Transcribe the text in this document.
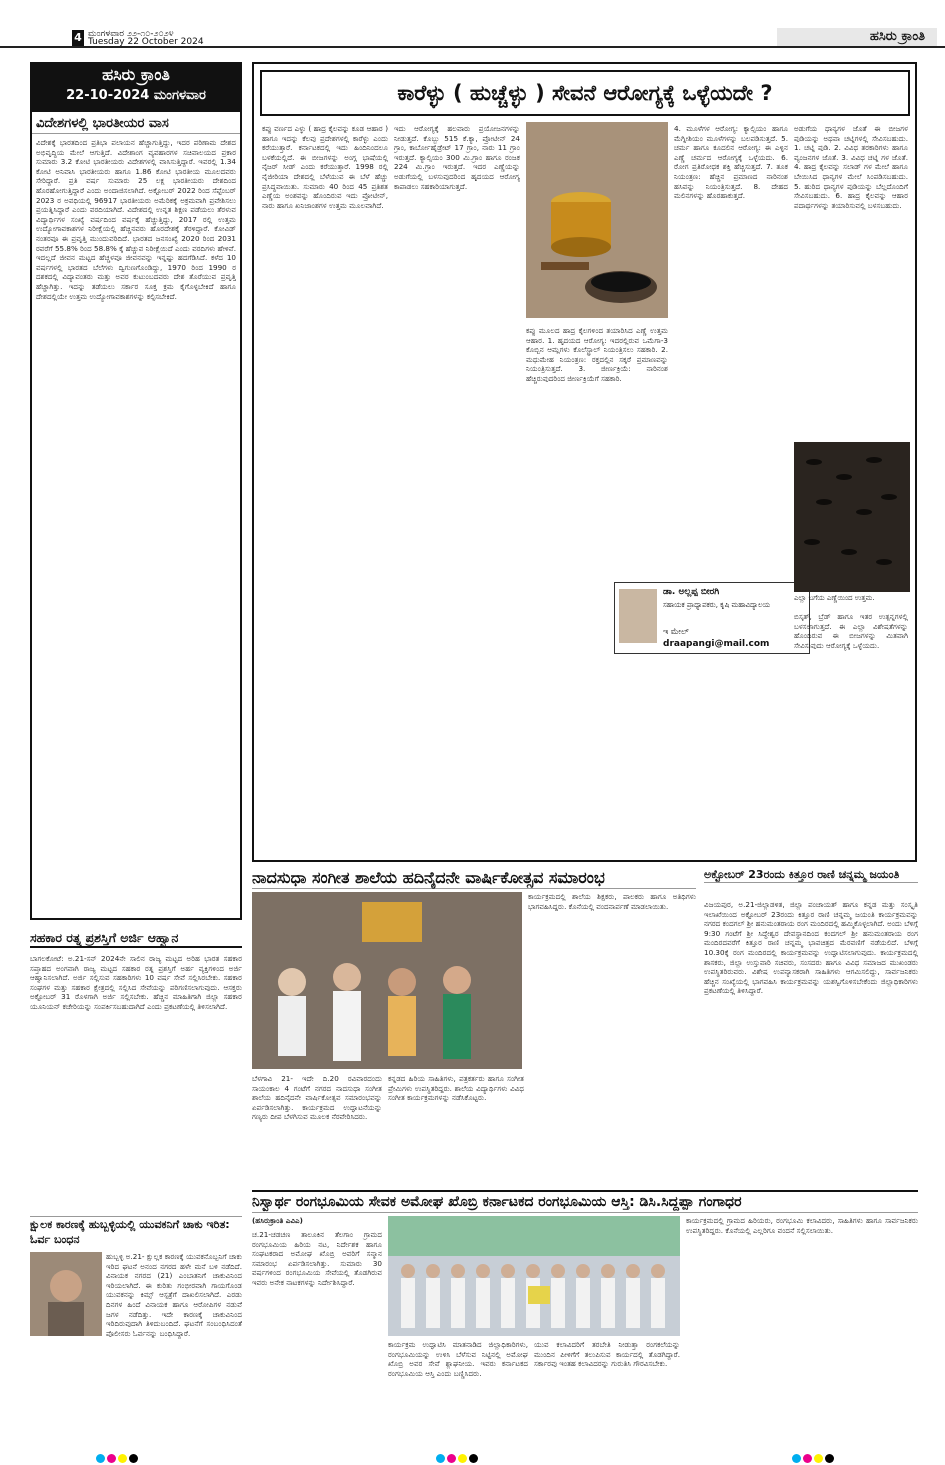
4 ಮಂಗಳವಾರ ೨೨-೧೦-೨೦೨೪
Tuesday 22 October 2024	ಹಸಿರು ಕ್ರಾಂತಿ
ಹಸಿರು ಕ್ರಾಂತಿ
22-10-2024 ಮಂಗಳವಾರ
ವಿದೇಶಗಳಲ್ಲಿ ಭಾರತೀಯರ ವಾಸ
ವಿದೇಶಕ್ಕೆ ಭಾರತದಿಂದ ಪ್ರತಿಭಾ ಪಲಾಯನ ಹೆಚ್ಚಾಗುತ್ತಿದ್ದು, ಇದರ ಪರಿಣಾಮ ದೇಶದ ಅಭಿವೃದ್ಧಿಯ ಮೇಲೆ ಆಗುತ್ತಿದೆ. ವಿದೇಶಾಂಗ ವ್ಯವಹಾರಗಳ ಸಚಿವಾಲಯದ ಪ್ರಕಾರ ಸುಮಾರು 3.2 ಕೋಟಿ ಭಾರತೀಯರು ವಿದೇಶಗಳಲ್ಲಿ ವಾಸಿಸುತ್ತಿದ್ದಾರೆ. ಇವರಲ್ಲಿ 1.34 ಕೋಟಿ ಅನಿವಾಸಿ ಭಾರತೀಯರು ಹಾಗೂ 1.86 ಕೋಟಿ ಭಾರತೀಯ ಮೂಲದವರು ಸೇರಿದ್ದಾರೆ. ಪ್ರತಿ ವರ್ಷ ಸುಮಾರು 25 ಲಕ್ಷ ಭಾರತೀಯರು ದೇಶದಿಂದ ಹೊರಹೋಗುತ್ತಿದ್ದಾರೆ ಎಂದು ಅಂದಾಜಿಸಲಾಗಿದೆ. ಅಕ್ಟೋಬರ್ 2022 ರಿಂದ ಸೆಪ್ಟೆಂಬರ್ 2023 ರ ಅವಧಿಯಲ್ಲಿ 96917 ಭಾರತೀಯರು ಅಮೆರಿಕಕ್ಕೆ ಅಕ್ರಮವಾಗಿ ಪ್ರವೇಶಿಸಲು ಪ್ರಯತ್ನಿಸಿದ್ದಾರೆ ಎಂದು ವರದಿಯಾಗಿದೆ. ವಿದೇಶದಲ್ಲಿ ಉನ್ನತ ಶಿಕ್ಷಣ ಪಡೆಯಲು ತೆರಳುವ ವಿದ್ಯಾರ್ಥಿಗಳ ಸಂಖ್ಯೆ ವರ್ಷದಿಂದ ವರ್ಷಕ್ಕೆ ಹೆಚ್ಚುತ್ತಿದ್ದು, 2017 ರಲ್ಲಿ ಉತ್ತಮ ಉದ್ಯೋಗಾವಕಾಶಗಳ ನಿರೀಕ್ಷೆಯಲ್ಲಿ ಹೆಚ್ಚಿನವರು ಹೊರದೇಶಕ್ಕೆ ತೆರಳಿದ್ದಾರೆ. ಕೋವಿಡ್ ನಂತರವೂ ಈ ಪ್ರವೃತ್ತಿ ಮುಂದುವರಿದಿದೆ. ಭಾರತದ ಜನಸಂಖ್ಯೆ 2020 ರಿಂದ 2031 ರವರೆಗೆ 55.8% ರಿಂದ 58.8% ಕ್ಕೆ ಹೆಚ್ಚುವ ನಿರೀಕ್ಷೆಯಿದೆ ಎಂದು ವರದಿಗಳು ಹೇಳಿವೆ. ಇದಲ್ಲದೆ ಜೀವನ ಮಟ್ಟದ ಹೆಚ್ಚಳವೂ ಜೀವನವನ್ನು ಇನ್ನಷ್ಟು ಹದಗೆಡಿಸಿದೆ. ಕಳೆದ 10 ವರ್ಷಗಳಲ್ಲಿ ಭಾರತದ ಬೆಲೆಗಳು ದ್ವಿಗುಣಗೊಂಡಿದ್ದು, 1970 ರಿಂದ 1990 ರ ದಶಕದಲ್ಲಿ ವಿದ್ಯಾವಂತರು ಮತ್ತು ಅವರ ಕುಟುಂಬದವರು ದೇಶ ತೊರೆಯುವ ಪ್ರವೃತ್ತಿ ಹೆಚ್ಚಾಗಿತ್ತು. ಇದನ್ನು ತಡೆಯಲು ಸರ್ಕಾರ ಸೂಕ್ತ ಕ್ರಮ ಕೈಗೊಳ್ಳಬೇಕಿದೆ ಹಾಗೂ ದೇಶದಲ್ಲಿಯೇ ಉತ್ತಮ ಉದ್ಯೋಗಾವಕಾಶಗಳನ್ನು ಕಲ್ಪಿಸಬೇಕಿದೆ.
ಕಾರೆಳ್ಳು ( ಹುಚ್ಚೆಳ್ಳು ) ಸೇವನೆ ಆರೋಗ್ಯಕ್ಕೆ ಒಳ್ಳೆಯದೇ ?
ಕಪ್ಪು ವರ್ಣದ ಎಳ್ಳು ( ಹಾದ್ರ ಕೈಲವನ್ನು ಕೂಡ ಆಹಾರ ) ಹಾಗೂ ಇದನ್ನು ಕೆಲವು ಪ್ರದೇಶಗಳಲ್ಲಿ ಕಾರೆಳ್ಳು ಎಂದು ಕರೆಯುತ್ತಾರೆ. ಕರ್ನಾಟಕದಲ್ಲಿ ಇದು ಹಿಂದಿನಿಂದಲೂ ಬಳಕೆಯಲ್ಲಿದೆ. ಈ ಬೀಜಗಳನ್ನು ಅಂಗ್ಲ ಭಾಷೆಯಲ್ಲಿ ನೈಜರ್ ಸೀಡ್ ಎಂದು ಕರೆಯುತ್ತಾರೆ. 1998 ರಲ್ಲಿ ನೈಜೀರಿಯಾ ದೇಶದಲ್ಲಿ ಬೆಳೆಯುವ ಈ ಬೆಳೆ ಹೆಚ್ಚು ಪ್ರಸಿದ್ಧವಾಯಿತು. ಸುಮಾರು 40 ರಿಂದ 45 ಪ್ರತಿಶತ ಎಣ್ಣೆಯ ಅಂಶವನ್ನು ಹೊಂದಿರುವ ಇದು ಪ್ರೋಟೀನ್, ನಾರು ಹಾಗೂ ಖನಿಜಾಂಶಗಳ ಉತ್ತಮ ಮೂಲವಾಗಿದೆ.
ಇದು ಆರೋಗ್ಯಕ್ಕೆ ಹಲವಾರು ಪ್ರಯೋಜನಗಳನ್ನು ನೀಡುತ್ತದೆ. ಕೊಬ್ಬು 515 ಕೆ.ಕ್ಯಾ, ಪ್ರೋಟೀನ್ 24 ಗ್ರಾಂ, ಕಾರ್ಬೋಹೈಡ್ರೇಟ್ 17 ಗ್ರಾಂ, ನಾರು 11 ಗ್ರಾಂ ಇರುತ್ತದೆ. ಕ್ಯಾಲ್ಸಿಯಂ 300 ಮಿ.ಗ್ರಾಂ ಹಾಗೂ ರಂಜಕ 224 ಮಿ.ಗ್ರಾಂ ಇರುತ್ತದೆ. ಇದರ ಎಣ್ಣೆಯನ್ನು ಅಡುಗೆಯಲ್ಲಿ ಬಳಸುವುದರಿಂದ ಹೃದಯದ ಆರೋಗ್ಯ ಕಾಪಾಡಲು ಸಹಕಾರಿಯಾಗುತ್ತದೆ.
ಕಪ್ಪು ಮೂಲದ ಹಾದ್ರ ಕೈಲಗಳಿಂದ ತಯಾರಿಸಿದ ಎಣ್ಣೆ ಉತ್ತಮ ಆಹಾರ. 1. ಹೃದಯದ ಆರೋಗ್ಯ: ಇದರಲ್ಲಿರುವ ಒಮೆಗಾ-3 ಕೊಬ್ಬಿನ ಆಮ್ಲಗಳು ಕೊಲೆಸ್ಟ್ರಾಲ್ ನಿಯಂತ್ರಿಸಲು ಸಹಕಾರಿ. 2. ಮಧುಮೇಹ ನಿಯಂತ್ರಣ: ರಕ್ತದಲ್ಲಿನ ಸಕ್ಕರೆ ಪ್ರಮಾಣವನ್ನು ನಿಯಂತ್ರಿಸುತ್ತದೆ. 3. ಜೀರ್ಣಕ್ರಿಯೆ: ನಾರಿನಂಶ ಹೆಚ್ಚಿರುವುದರಿಂದ ಜೀರ್ಣಕ್ರಿಯೆಗೆ ಸಹಕಾರಿ.
ಡಾ. ಅಲ್ಲಪ್ಪ ಬೀರಗಿ
ಸಹಾಯಕ ಪ್ರಾಧ್ಯಾಪಕರು, ಕೃಷಿ ಮಹಾವಿದ್ಯಾಲಯ
ಇ ಮೇಲ್
draapangi@mail.com
4. ಮೂಳೆಗಳ ಆರೋಗ್ಯ: ಕ್ಯಾಲ್ಸಿಯಂ ಹಾಗೂ ಮೆಗ್ನೀಶಿಯಂ ಮೂಳೆಗಳನ್ನು ಬಲಪಡಿಸುತ್ತದೆ. 5. ಚರ್ಮ ಹಾಗೂ ಕೂದಲಿನ ಆರೋಗ್ಯ: ಈ ಎಳ್ಳಿನ ಎಣ್ಣೆ ಚರ್ಮದ ಆರೋಗ್ಯಕ್ಕೆ ಒಳ್ಳೆಯದು. 6. ರೋಗ ಪ್ರತಿರೋಧಕ ಶಕ್ತಿ ಹೆಚ್ಚಿಸುತ್ತದೆ. 7. ತೂಕ ನಿಯಂತ್ರಣ: ಹೆಚ್ಚಿನ ಪ್ರಮಾಣದ ನಾರಿನಂಶ ಹಸಿವನ್ನು ನಿಯಂತ್ರಿಸುತ್ತದೆ. 8. ದೇಹದ ಮಲಿನಗಳನ್ನು ಹೊರಹಾಕುತ್ತದೆ.
ಅಡುಗೆಯ ಧಾನ್ಯಗಳ ಜೊತೆ ಈ ಬೀಜಗಳ ಪುಡಿಯನ್ನು ಅಥವಾ ಚಟ್ನಿಗಳಲ್ಲಿ ಸೇವಿಸಬಹುದು. 1. ಚಟ್ನಿ ಪುಡಿ. 2. ವಿವಿಧ ತರಕಾರಿಗಳು ಹಾಗೂ ವ್ಯಂಜನಗಳ ಜೊತೆ. 3. ವಿವಿಧ ಚಟ್ನಿ ಗಳ ಜೊತೆ. 4. ಹಾದ್ರ ಕೈಲವನ್ನು ಸಲಾಡ್ ಗಳ ಮೇಲೆ ಹಾಗೂ ಬೇಯಿಸಿದ ಧಾನ್ಯಗಳ ಮೇಲೆ ಸಿಂಪಡಿಸಬಹುದು. 5. ಹುರಿದ ಧಾನ್ಯಗಳ ಪುಡಿಯನ್ನು ಬೆಲ್ಲದೊಂದಿಗೆ ಸೇವಿಸಬಹುದು. 6. ಹಾದ್ರ ಕೈಲವನ್ನು ಆಹಾರ ಪದಾರ್ಥಗಳನ್ನು ತಯಾರಿಸುವಲ್ಲಿ ಬಳಸಬಹುದು.
ಎಲ್ಲಾ ಬಗೆಯ ಎಣ್ಣೆಯಿಂದ ಉತ್ತಮ.
ಬಿಸ್ಕತ್, ಬ್ರೆಡ್ ಹಾಗೂ ಇತರ ಉತ್ಪನ್ನಗಳಲ್ಲಿ ಬಳಸಲಾಗುತ್ತದೆ. ಈ ಎಲ್ಲಾ ವಿಶೇಷತೆಗಳನ್ನು ಹೊಂದಿರುವ ಈ ಬೀಜಗಳನ್ನು ಮಿತವಾಗಿ ಸೇವಿಸುವುದು ಆರೋಗ್ಯಕ್ಕೆ ಒಳ್ಳೆಯದು.
ನಾದಸುಧಾ ಸಂಗೀತ ಶಾಲೆಯ ಹದಿನೈದನೇ ವಾರ್ಷಿಕೋತ್ಸವ ಸಮಾರಂಭ
ಬೆಳಗಾವಿ 21- ಇದೇ ದಿ.20 ರವಿವಾರದಂದು ಸಾಯಂಕಾಲ 4 ಗಂಟೆಗೆ ನಗರದ ನಾದಸುಧಾ ಸಂಗೀತ ಶಾಲೆಯ ಹದಿನೈದನೇ ವಾರ್ಷಿಕೋತ್ಸವ ಸಮಾರಂಭವನ್ನು ಏರ್ಪಡಿಸಲಾಗಿತ್ತು. ಕಾರ್ಯಕ್ರಮದ ಉದ್ಘಾಟನೆಯನ್ನು ಗಣ್ಯರು ದೀಪ ಬೆಳಗಿಸುವ ಮೂಲಕ ನೆರವೇರಿಸಿದರು.
ಕನ್ನಡದ ಹಿರಿಯ ಸಾಹಿತಿಗಳು, ಪತ್ರಕರ್ತರು ಹಾಗೂ ಸಂಗೀತ ಪ್ರೇಮಿಗಳು ಉಪಸ್ಥಿತರಿದ್ದರು. ಶಾಲೆಯ ವಿದ್ಯಾರ್ಥಿಗಳು ವಿವಿಧ ಸಂಗೀತ ಕಾರ್ಯಕ್ರಮಗಳನ್ನು ನಡೆಸಿಕೊಟ್ಟರು.
ಕಾರ್ಯಕ್ರಮದಲ್ಲಿ ಶಾಲೆಯ ಶಿಕ್ಷಕರು, ಪಾಲಕರು ಹಾಗೂ ಅತಿಥಿಗಳು ಭಾಗವಹಿಸಿದ್ದರು. ಕೊನೆಯಲ್ಲಿ ವಂದನಾರ್ಪಣೆ ಮಾಡಲಾಯಿತು.
ಅಕ್ಟೋಬರ್ 23ರಂದು ಕಿತ್ತೂರ ರಾಣಿ ಚನ್ನಮ್ಮ ಜಯಂತಿ
ವಿಜಯಪುರ, ಅ.21-ಜಿಲ್ಲಾಡಳಿತ, ಜಿಲ್ಲಾ ಪಂಚಾಯತ್ ಹಾಗೂ ಕನ್ನಡ ಮತ್ತು ಸಂಸ್ಕೃತಿ ಇಲಾಖೆಯಿಂದ ಅಕ್ಟೋಬರ್ 23ರಂದು ಕಿತ್ತೂರ ರಾಣಿ ಚನ್ನಮ್ಮ ಜಯಂತಿ ಕಾರ್ಯಕ್ರಮವನ್ನು ನಗರದ ಕಂದಗಲ್ ಶ್ರೀ ಹನುಮಂತರಾಯ ರಂಗ ಮಂದಿರದಲ್ಲಿ ಹಮ್ಮಿಕೊಳ್ಳಲಾಗಿದೆ. ಅಂದು ಬೆಳಿಗ್ಗೆ 9:30 ಗಂಟೆಗೆ ಶ್ರೀ ಸಿದ್ಧೇಶ್ವರ ದೇವಸ್ಥಾನದಿಂದ ಕಂದಗಲ್ ಶ್ರೀ ಹನುಮಂತರಾಯ ರಂಗ ಮಂದಿರದವರೆಗೆ ಕಿತ್ತೂರ ರಾಣಿ ಚನ್ನಮ್ಮ ಭಾವಚಿತ್ರದ ಮೆರವಣಿಗೆ ನಡೆಯಲಿದೆ. ಬೆಳಿಗ್ಗೆ 10.30ಕ್ಕೆ ರಂಗ ಮಂದಿರದಲ್ಲಿ ಕಾರ್ಯಕ್ರಮವನ್ನು ಉದ್ಘಾಟಿಸಲಾಗುವುದು. ಕಾರ್ಯಕ್ರಮದಲ್ಲಿ ಶಾಸಕರು, ಜಿಲ್ಲಾ ಉಸ್ತುವಾರಿ ಸಚಿವರು, ಸಂಸದರು ಹಾಗೂ ವಿವಿಧ ಸಮಾಜದ ಮುಖಂಡರು ಉಪಸ್ಥಿತರಿರುವರು. ವಿಶೇಷ ಉಪನ್ಯಾಸಕರಾಗಿ ಸಾಹಿತಿಗಳು ಆಗಮಿಸಲಿದ್ದು, ಸಾರ್ವಜನಿಕರು ಹೆಚ್ಚಿನ ಸಂಖ್ಯೆಯಲ್ಲಿ ಭಾಗವಹಿಸಿ ಕಾರ್ಯಕ್ರಮವನ್ನು ಯಶಸ್ವಿಗೊಳಿಸಬೇಕೆಂದು ಜಿಲ್ಲಾಧಿಕಾರಿಗಳು ಪ್ರಕಟಣೆಯಲ್ಲಿ ತಿಳಿಸಿದ್ದಾರೆ.
ಸಹಕಾರ ರತ್ನ ಪ್ರಶಸ್ತಿಗೆ ಅರ್ಜಿ ಆಹ್ವಾನ
ಬಾಗಲಕೋಟೆ: ಅ.21-ಸನ್ 2024ನೇ ಸಾಲಿನ ರಾಜ್ಯ ಮಟ್ಟದ ಅರಿಹ ಭಾರತ ಸಹಕಾರ ಸಪ್ತಾಹದ ಅಂಗವಾಗಿ ರಾಜ್ಯ ಮಟ್ಟದ ಸಹಕಾರ ರತ್ನ ಪ್ರಶಸ್ತಿಗೆ ಅರ್ಹ ವ್ಯಕ್ತಿಗಳಿಂದ ಅರ್ಜಿ ಆಹ್ವಾನಿಸಲಾಗಿದೆ. ಅರ್ಜಿ ಸಲ್ಲಿಸುವ ಸಹಕಾರಿಗಳು 10 ವರ್ಷ ಸೇವೆ ಸಲ್ಲಿಸಿರಬೇಕು. ಸಹಕಾರ ಸಂಘಗಳ ಮತ್ತು ಸಹಕಾರ ಕ್ಷೇತ್ರದಲ್ಲಿ ಸಲ್ಲಿಸಿದ ಸೇವೆಯನ್ನು ಪರಿಗಣಿಸಲಾಗುವುದು. ಆಸಕ್ತರು ಅಕ್ಟೋಬರ್ 31 ರೊಳಗಾಗಿ ಅರ್ಜಿ ಸಲ್ಲಿಸಬೇಕು. ಹೆಚ್ಚಿನ ಮಾಹಿತಿಗಾಗಿ ಜಿಲ್ಲಾ ಸಹಕಾರ ಯೂನಿಯನ್ ಕಚೇರಿಯನ್ನು ಸಂಪರ್ಕಿಸಬಹುದಾಗಿದೆ ಎಂದು ಪ್ರಕಟಣೆಯಲ್ಲಿ ತಿಳಿಸಲಾಗಿದೆ.
ಕ್ಷುಲಕ ಕಾರಣಕ್ಕೆ ಹುಬ್ಬಳ್ಳಿಯಲ್ಲಿ ಯುವಕನಿಗೆ ಚಾಕು ಇರಿತ: ಓರ್ವ ಬಂಧನ
ಹುಬ್ಬಳ್ಳಿ ಅ.21- ಕ್ಷುಲ್ಲಕ ಕಾರಣಕ್ಕೆ ಯುವಕನೊಬ್ಬನಿಗೆ ಚಾಕು ಇರಿದ ಘಟನೆ ಅನಂದ ನಗರದ ಹಳೇ ಮನೆ ಬಳಿ ನಡೆದಿದೆ. ವಿನಾಯಕ ನಗರದ (21) ಎಂಬಾತನಿಗೆ ಚಾಕುವಿನಿಂದ ಇರಿಯಲಾಗಿದೆ. ಈ ಕುರಿತು ಗಂಭೀರವಾಗಿ ಗಾಯಗೊಂಡ ಯುವಕನನ್ನು ಕಿಮ್ಸ್ ಆಸ್ಪತ್ರೆಗೆ ದಾಖಲಿಸಲಾಗಿದೆ. ಎರಡು ದಿನಗಳ ಹಿಂದೆ ವಿನಾಯಕ ಹಾಗೂ ಆರೋಪಿಗಳ ನಡುವೆ ಜಗಳ ನಡೆದಿತ್ತು. ಇದೇ ಕಾರಣಕ್ಕೆ ಚಾಕುವಿನಿಂದ ಇರಿದಿರುವುದಾಗಿ ತಿಳಿದುಬಂದಿದೆ. ಘಟನೆಗೆ ಸಂಬಂಧಿಸಿದಂತೆ ಪೊಲೀಸರು ಓರ್ವನನ್ನು ಬಂಧಿಸಿದ್ದಾರೆ.
ನಿಸ್ವಾರ್ಥ ರಂಗಭೂಮಿಯ ಸೇವಕ ಅಮೋಘ ಖೊಬ್ರಿ ಕರ್ನಾಟಕದ ರಂಗಭೂಮಿಯ ಆಸ್ತಿ: ಡಿಸಿ.ಸಿದ್ದಪ್ಪಾ ಗಂಗಾಧರ
(ಹಸಿರುಕ್ರಾಂತಿ ಎವಿಎ)
ಚ.21-ಚಡಚಣ ತಾಲೂಕಿನ ತೆಲಗಾಂ ಗ್ರಾಮದ ರಂಗಭೂಮಿಯ ಹಿರಿಯ ನಟ, ನಿರ್ದೇಶಕ ಹಾಗೂ ಸಂಘಟಕರಾದ ಅಮೋಘ ಖೊಬ್ರಿ ಅವರಿಗೆ ಸನ್ಮಾನ ಸಮಾರಂಭ ಏರ್ಪಡಿಸಲಾಗಿತ್ತು. ಸುಮಾರು 30 ವರ್ಷಗಳಿಂದ ರಂಗಭೂಮಿಯ ಸೇವೆಯಲ್ಲಿ ತೊಡಗಿರುವ ಇವರು ಅನೇಕ ನಾಟಕಗಳನ್ನು ನಿರ್ದೇಶಿಸಿದ್ದಾರೆ.
ಕಾರ್ಯಕ್ರಮ ಉದ್ಘಾಟಿಸಿ ಮಾತನಾಡಿದ ಜಿಲ್ಲಾಧಿಕಾರಿಗಳು, ರಂಗಭೂಮಿಯನ್ನು ಉಳಿಸಿ ಬೆಳೆಸುವ ನಿಟ್ಟಿನಲ್ಲಿ ಅಮೋಘ ಖೊಬ್ರಿ ಅವರ ಸೇವೆ ಶ್ಲಾಘನೀಯ. ಇವರು ಕರ್ನಾಟಕದ ರಂಗಭೂಮಿಯ ಆಸ್ತಿ ಎಂದು ಬಣ್ಣಿಸಿದರು.
ಯುವ ಕಲಾವಿದರಿಗೆ ತರಬೇತಿ ನೀಡುತ್ತಾ ರಂಗಕಲೆಯನ್ನು ಮುಂದಿನ ಪೀಳಿಗೆಗೆ ತಲುಪಿಸುವ ಕಾರ್ಯದಲ್ಲಿ ತೊಡಗಿದ್ದಾರೆ. ಸರ್ಕಾರವು ಇಂತಹ ಕಲಾವಿದರನ್ನು ಗುರುತಿಸಿ ಗೌರವಿಸಬೇಕು.
ಕಾರ್ಯಕ್ರಮದಲ್ಲಿ ಗ್ರಾಮದ ಹಿರಿಯರು, ರಂಗಭೂಮಿ ಕಲಾವಿದರು, ಸಾಹಿತಿಗಳು ಹಾಗೂ ಸಾರ್ವಜನಿಕರು ಉಪಸ್ಥಿತರಿದ್ದರು. ಕೊನೆಯಲ್ಲಿ ಎಲ್ಲರಿಗೂ ವಂದನೆ ಸಲ್ಲಿಸಲಾಯಿತು.
